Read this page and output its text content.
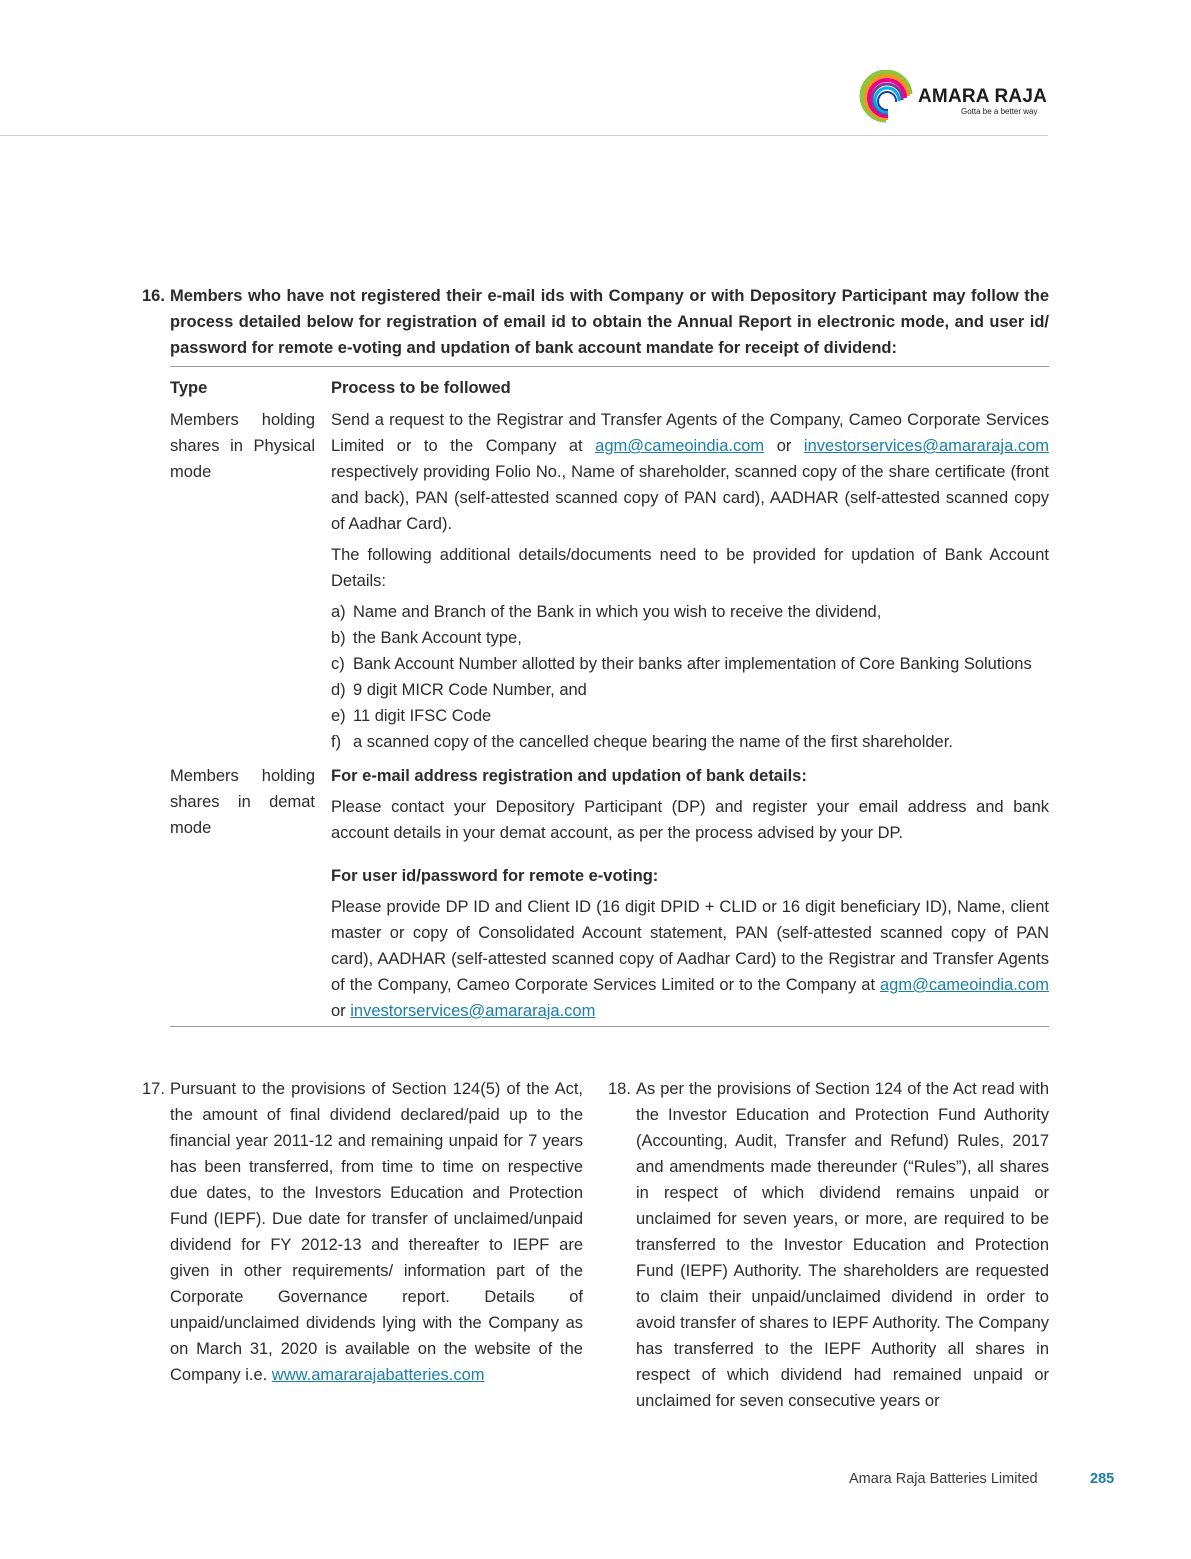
AMARA RAJA
Gotta be a better way
16. Members who have not registered their e-mail ids with Company or with Depository Participant may follow the process detailed below for registration of email id to obtain the Annual Report in electronic mode, and user id/ password for remote e-voting and updation of bank account mandate for receipt of dividend:
Type	Process to be followed
Members holding shares in Physical mode

Send a request to the Registrar and Transfer Agents of the Company, Cameo Corporate Services Limited or to the Company at agm@cameoindia.com or investorservices@amararaja.com respectively providing Folio No., Name of shareholder, scanned copy of the share certificate (front and back), PAN (self-attested scanned copy of PAN card), AADHAR (self-attested scanned copy of Aadhar Card).

The following additional details/documents need to be provided for updation of Bank Account Details:

a) Name and Branch of the Bank in which you wish to receive the dividend,
b) the Bank Account type,
c) Bank Account Number allotted by their banks after implementation of Core Banking Solutions
d) 9 digit MICR Code Number, and
e) 11 digit IFSC Code
f) a scanned copy of the cancelled cheque bearing the name of the first shareholder.
Members holding shares in demat mode

For e-mail address registration and updation of bank details:

Please contact your Depository Participant (DP) and register your email address and bank account details in your demat account, as per the process advised by your DP.

For user id/password for remote e-voting:

Please provide DP ID and Client ID (16 digit DPID + CLID or 16 digit beneficiary ID), Name, client master or copy of Consolidated Account statement, PAN (self-attested scanned copy of PAN card), AADHAR (self-attested scanned copy of Aadhar Card) to the Registrar and Transfer Agents of the Company, Cameo Corporate Services Limited or to the Company at agm@cameoindia.com or investorservices@amararaja.com

17. Pursuant to the provisions of Section 124(5) of the Act, the amount of final dividend declared/paid up to the financial year 2011-12 and remaining unpaid for 7 years has been transferred, from time to time on respective due dates, to the Investors Education and Protection Fund (IEPF). Due date for transfer of unclaimed/unpaid dividend for FY 2012-13 and thereafter to IEPF are given in other requirements/ information part of the Corporate Governance report. Details of unpaid/unclaimed dividends lying with the Company as on March 31, 2020 is available on the website of the Company i.e. www.amararajabatteries.com
18. As per the provisions of Section 124 of the Act read with the Investor Education and Protection Fund Authority (Accounting, Audit, Transfer and Refund) Rules, 2017 and amendments made thereunder (“Rules”), all shares in respect of which dividend remains unpaid or unclaimed for seven years, or more, are required to be transferred to the Investor Education and Protection Fund (IEPF) Authority. The shareholders are requested to claim their unpaid/unclaimed dividend in order to avoid transfer of shares to IEPF Authority. The Company has transferred to the IEPF Authority all shares in respect of which dividend had remained unpaid or unclaimed for seven consecutive years or
Amara Raja Batteries Limited	285
